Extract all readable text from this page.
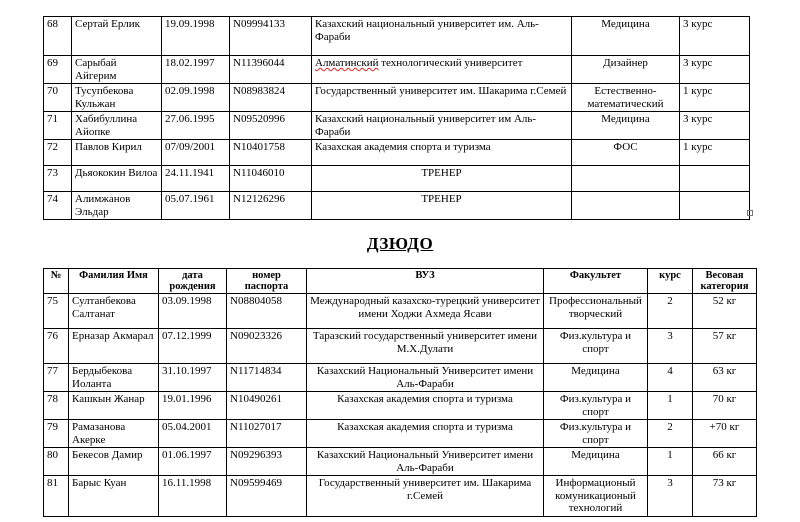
68	Сертай Ерлик	19.09.1998	N09994133	Казахский национальный университет им. Аль-Фараби	Медицина	3 курс
69	Сарыбай Айгерим	18.02.1997	N11396044	Алматинский технологический университет	Дизайнер	3 курс
70	Тусупбекова Кульжан	02.09.1998	N08983824	Государственный университет им. Шакарима г.Семей	Естественно-математический	1 курс
71	Хабибуллина Айопке	27.06.1995	N09520996	Казахский национальный университет им Аль-Фараби	Медицина	3 курс
72	Павлов Кирил	07/09/2001	N10401758	Казахская академия спорта и туризма	ФОС	1 курс
73	Дьяококин Вилоа	24.11.1941	N11046010	ТРЕНЕР		
74	Алимжанов Эльдар	05.07.1961	N12126296	ТРЕНЕР		
ДЗЮДО
№	Фамилия Имя	дата рождения	номер паспорта	ВУЗ	Факультет	курс	Весовая категория
75	Султанбекова Салтанат	03.09.1998	N08804058	Международный казахско-турецкий университет имени Ходжи Ахмеда Ясави	Профессиональный творческий	2	52 кг
76	Ерназар Акмарал	07.12.1999	N09023326	Таразский государственный университет имени М.Х.Дулати	Физ.культура и спорт	3	57 кг
77	Бердыбекова Иоланта	31.10.1997	N11714834	Казахский Национальный Университет имени Аль-Фараби	Медицина	4	63 кг
78	Кашкын Жанар	19.01.1996	N10490261	Казахская академия спорта и туризма	Физ.культура и спорт	1	70 кг
79	Рамазанова Акерке	05.04.2001	N11027017	Казахская академия спорта и туризма	Физ.культура и спорт	2	+70 кг
80	Бекесов Дамир	01.06.1997	N09296393	Казахский Национальный Университет имени Аль-Фараби	Медицина	1	66 кг
81	Барыс Куан	16.11.1998	N09599469	Государственный университет им. Шакарима г.Семей	Информационый комуникационый технологий	3	73 кг
